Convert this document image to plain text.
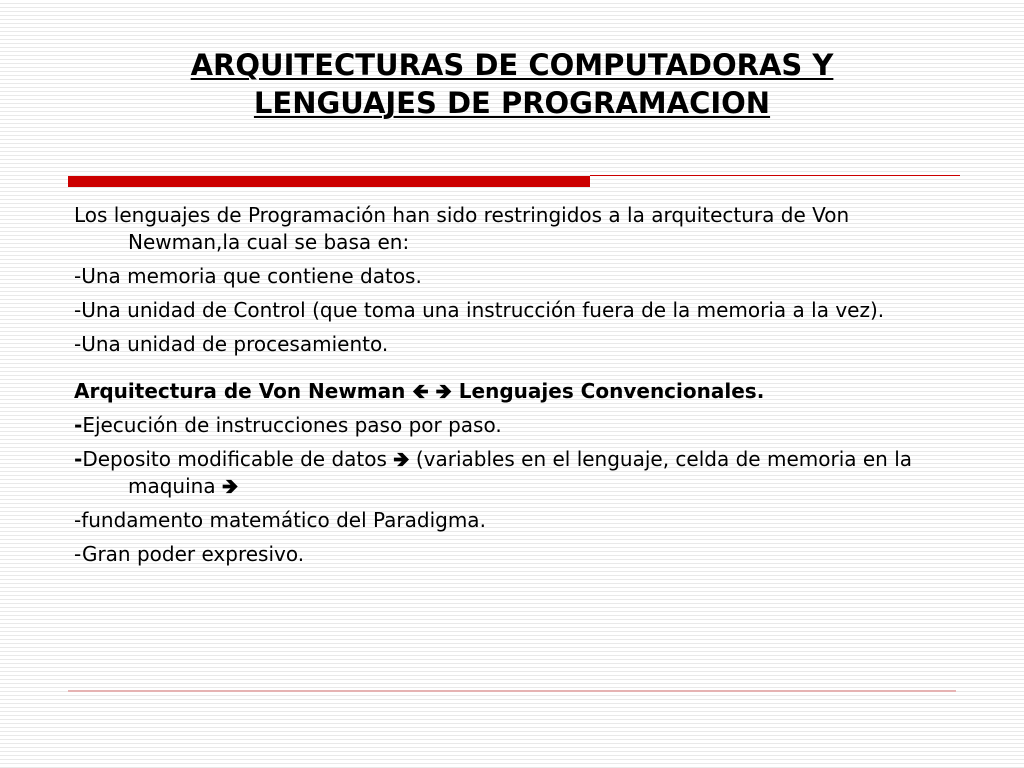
ARQUITECTURAS DE COMPUTADORAS Y
LENGUAJES DE PROGRAMACION

Los lenguajes de Programación han sido restringidos a la arquitectura de Von Newman,la cual se basa en:

-Una memoria que contiene datos.

-Una unidad de Control (que toma una instrucción fuera de la memoria a la vez).

-Una unidad de procesamiento.

Arquitectura de Von Newman 🡸 🡺 Lenguajes Convencionales.

-Ejecución de instrucciones paso por paso.

-Deposito modificable de datos 🡺 (variables en el lenguaje, celda de memoria en la maquina 🡺

-fundamento matemático del Paradigma.

-Gran poder expresivo.
